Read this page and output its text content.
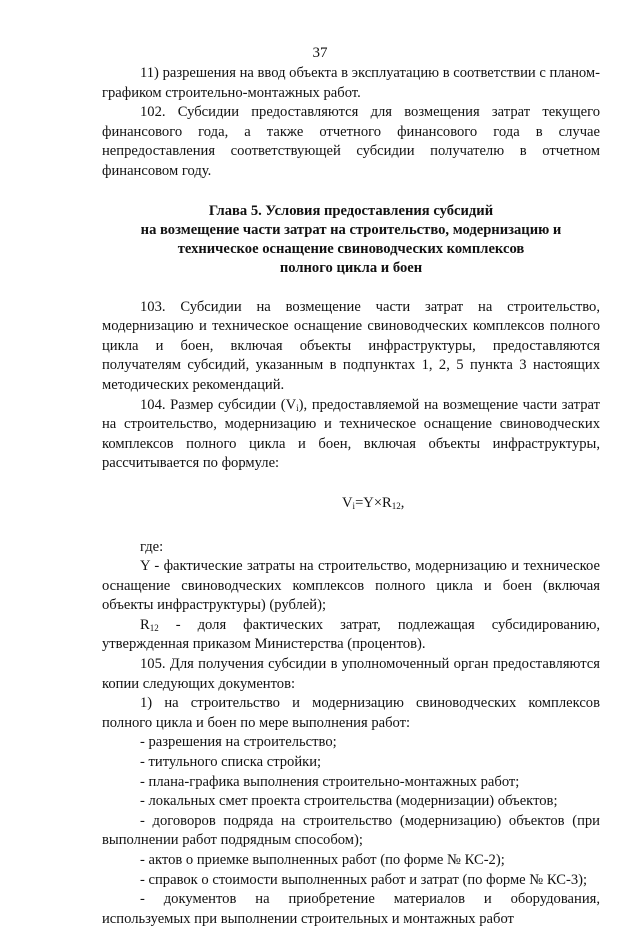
37

11) разрешения на ввод объекта в эксплуатацию в соответствии с планом-графиком строительно-монтажных работ.

102. Субсидии предоставляются для возмещения затрат текущего финансового года, а также отчетного финансового года в случае непредоставления соответствующей субсидии получателю в отчетном финансовом году.

Глава 5. Условия предоставления субсидий
на возмещение части затрат на строительство, модернизацию и
техническое оснащение свиноводческих комплексов
полного цикла и боен

103. Субсидии на возмещение части затрат на строительство, модернизацию и техническое оснащение свиноводческих комплексов полного цикла и боен, включая объекты инфраструктуры, предоставляются получателям субсидий, указанным в подпунктах 1, 2, 5 пункта 3 настоящих методических рекомендаций.

104. Размер субсидии $(V_i)$, предоставляемой на возмещение части затрат на строительство, модернизацию и техническое оснащение свиноводческих комплексов полного цикла и боен, включая объекты инфраструктуры, рассчитывается по формуле:

$V_i=Y\times R_{12}$,

где:

Y - фактические затраты на строительство, модернизацию и техническое оснащение свиноводческих комплексов полного цикла и боен (включая объекты инфраструктуры) (рублей);

$R_{12}$ - доля фактических затрат, подлежащая субсидированию, утвержденная приказом Министерства (процентов).

105. Для получения субсидии в уполномоченный орган предоставляются копии следующих документов:

1) на строительство и модернизацию свиноводческих комплексов полного цикла и боен по мере выполнения работ:

- разрешения на строительство;

- титульного списка стройки;

- плана-графика выполнения строительно-монтажных работ;

- локальных смет проекта строительства (модернизации) объектов;

- договоров подряда на строительство (модернизацию) объектов (при выполнении работ подрядным способом);

- актов о приемке выполненных работ (по форме № КС-2);

- справок о стоимости выполненных работ и затрат (по форме № КС-3);

- документов на приобретение материалов и оборудования, используемых при выполнении строительных и монтажных работ
